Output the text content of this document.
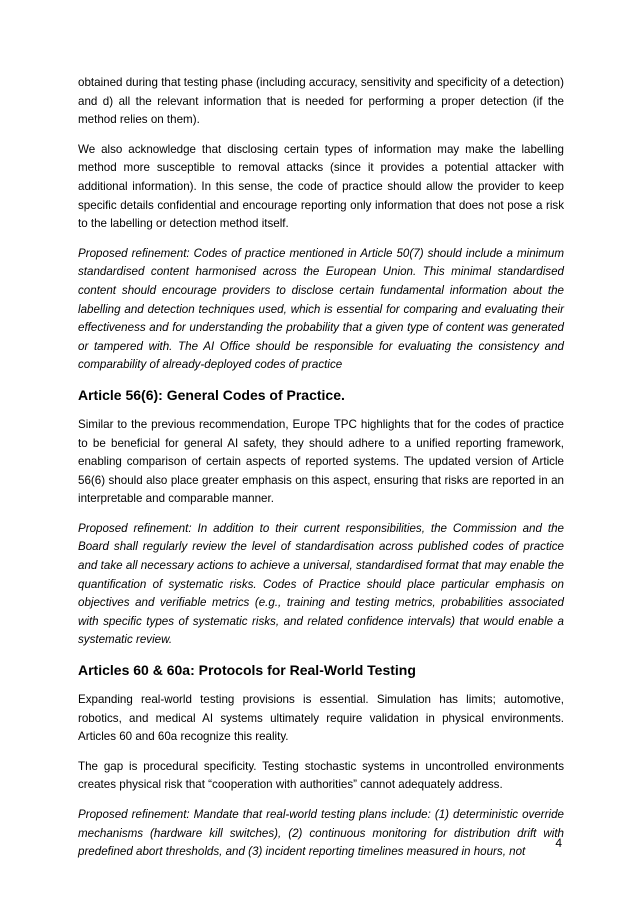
obtained during that testing phase (including accuracy, sensitivity and specificity of a detection) and d) all the relevant information that is needed for performing a proper detection (if the method relies on them).

We also acknowledge that disclosing certain types of information may make the labelling method more susceptible to removal attacks (since it provides a potential attacker with additional information). In this sense, the code of practice should allow the provider to keep specific details confidential and encourage reporting only information that does not pose a risk to the labelling or detection method itself.

Proposed refinement: Codes of practice mentioned in Article 50(7) should include a minimum standardised content harmonised across the European Union. This minimal standardised content should encourage providers to disclose certain fundamental information about the labelling and detection techniques used, which is essential for comparing and evaluating their effectiveness and for understanding the probability that a given type of content was generated or tampered with. The AI Office should be responsible for evaluating the consistency and comparability of already-deployed codes of practice

Article 56(6): General Codes of Practice.

Similar to the previous recommendation, Europe TPC highlights that for the codes of practice to be beneficial for general AI safety, they should adhere to a unified reporting framework, enabling comparison of certain aspects of reported systems. The updated version of Article 56(6) should also place greater emphasis on this aspect, ensuring that risks are reported in an interpretable and comparable manner.

Proposed refinement: In addition to their current responsibilities, the Commission and the Board shall regularly review the level of standardisation across published codes of practice and take all necessary actions to achieve a universal, standardised format that may enable the quantification of systematic risks. Codes of Practice should place particular emphasis on objectives and verifiable metrics (e.g., training and testing metrics, probabilities associated with specific types of systematic risks, and related confidence intervals) that would enable a systematic review.

Articles 60 & 60a: Protocols for Real-World Testing

Expanding real-world testing provisions is essential. Simulation has limits; automotive, robotics, and medical AI systems ultimately require validation in physical environments. Articles 60 and 60a recognize this reality.

The gap is procedural specificity. Testing stochastic systems in uncontrolled environments creates physical risk that “cooperation with authorities” cannot adequately address.

Proposed refinement: Mandate that real-world testing plans include: (1) deterministic override mechanisms (hardware kill switches), (2) continuous monitoring for distribution drift with predefined abort thresholds, and (3) incident reporting timelines measured in hours, not

4
